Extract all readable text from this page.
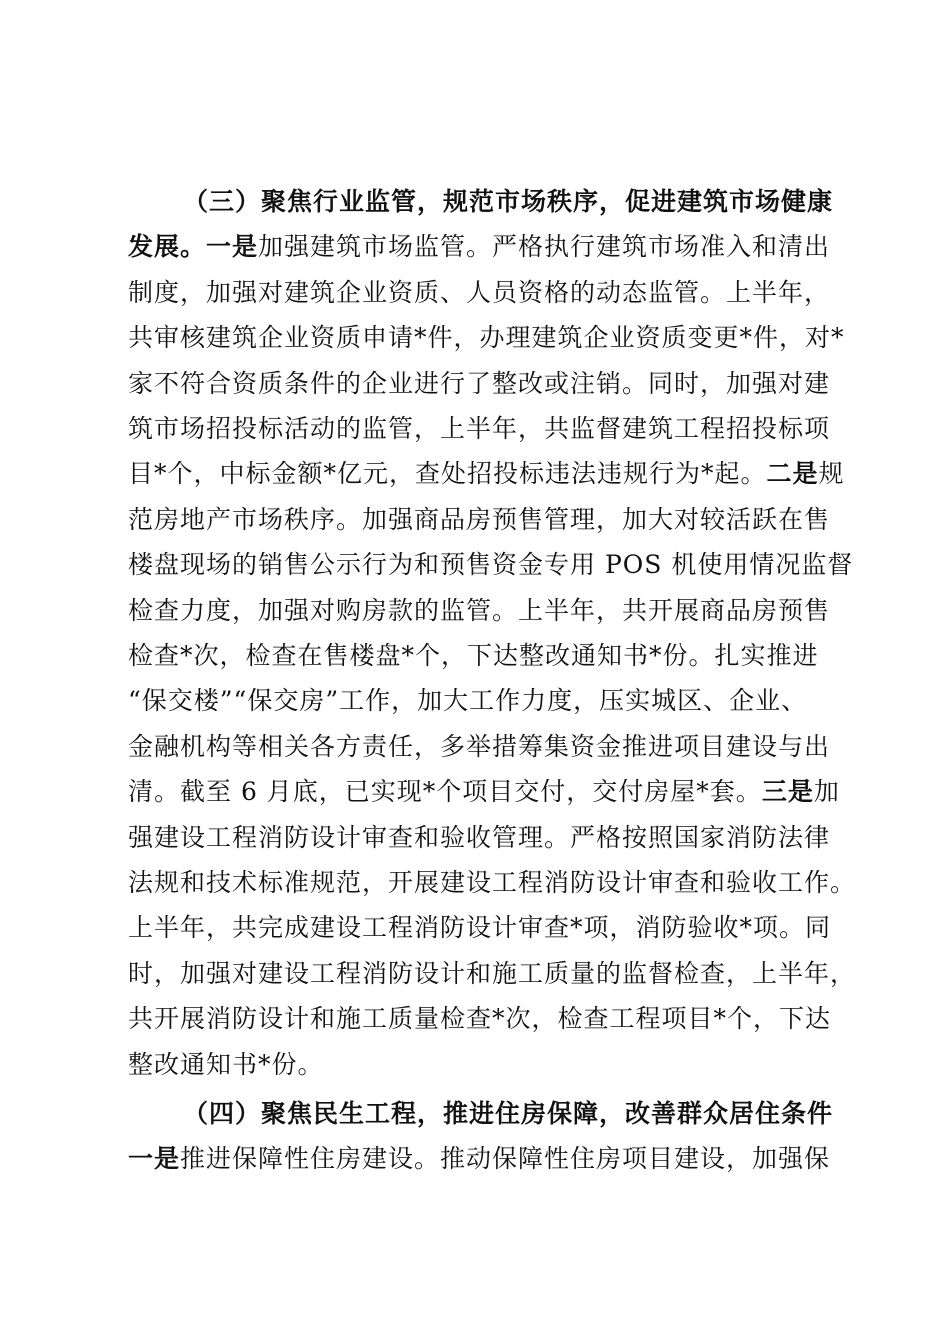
（三）聚焦行业监管，规范市场秩序，促进建筑市场健康
发展。一是加强建筑市场监管。严格执行建筑市场准入和清出
制度，加强对建筑企业资质、人员资格的动态监管。上半年，
共审核建筑企业资质申请*件，办理建筑企业资质变更*件，对*
家不符合资质条件的企业进行了整改或注销。同时，加强对建
筑市场招投标活动的监管，上半年，共监督建筑工程招投标项
目*个，中标金额*亿元，查处招投标违法违规行为*起。二是规
范房地产市场秩序。加强商品房预售管理，加大对较活跃在售
楼盘现场的销售公示行为和预售资金专用 POS 机使用情况监督
检查力度，加强对购房款的监管。上半年，共开展商品房预售
检查*次，检查在售楼盘*个，下达整改通知书*份。扎实推进
“保交楼”“保交房”工作，加大工作力度，压实城区、企业、
金融机构等相关各方责任，多举措筹集资金推进项目建设与出
清。截至 6 月底，已实现*个项目交付，交付房屋*套。三是加
强建设工程消防设计审查和验收管理。严格按照国家消防法律
法规和技术标准规范，开展建设工程消防设计审查和验收工作。
上半年，共完成建设工程消防设计审查*项，消防验收*项。同
时，加强对建设工程消防设计和施工质量的监督检查，上半年，
共开展消防设计和施工质量检查*次，检查工程项目*个，下达
整改通知书*份。
（四）聚焦民生工程，推进住房保障，改善群众居住条件
一是推进保障性住房建设。推动保障性住房项目建设，加强保
